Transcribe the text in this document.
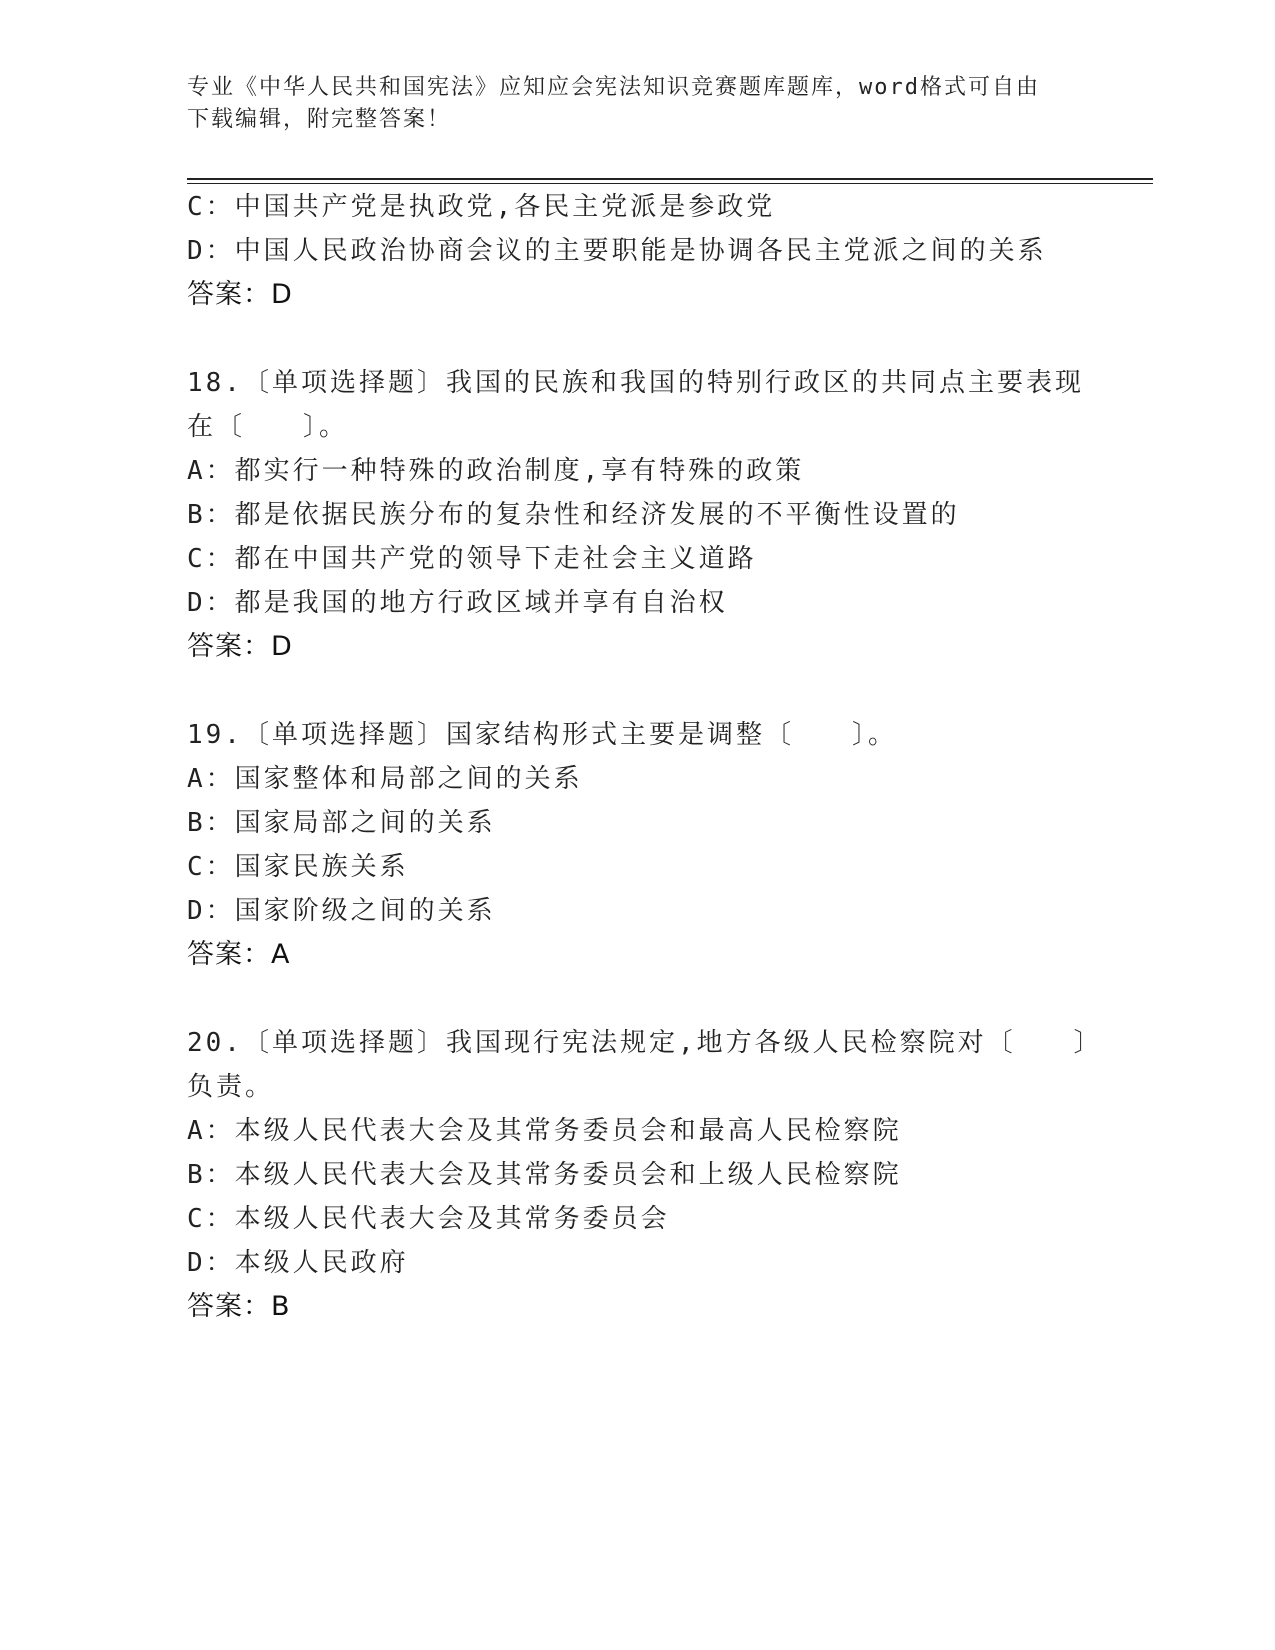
专业《中华人民共和国宪法》应知应会宪法知识竞赛题库题库，word格式可自由
下载编辑，附完整答案！
C：中国共产党是执政党,各民主党派是参政党
D：中国人民政治协商会议的主要职能是协调各民主党派之间的关系
答案：D
18.〔单项选择题〕我国的民族和我国的特别行政区的共同点主要表现
在〔　　〕。
A：都实行一种特殊的政治制度,享有特殊的政策
B：都是依据民族分布的复杂性和经济发展的不平衡性设置的
C：都在中国共产党的领导下走社会主义道路
D：都是我国的地方行政区域并享有自治权
答案：D
19.〔单项选择题〕国家结构形式主要是调整〔　　〕。
A：国家整体和局部之间的关系
B：国家局部之间的关系
C：国家民族关系
D：国家阶级之间的关系
答案：A
20.〔单项选择题〕我国现行宪法规定,地方各级人民检察院对〔　　〕
负责。
A：本级人民代表大会及其常务委员会和最高人民检察院
B：本级人民代表大会及其常务委员会和上级人民检察院
C：本级人民代表大会及其常务委员会
D：本级人民政府
答案：B
